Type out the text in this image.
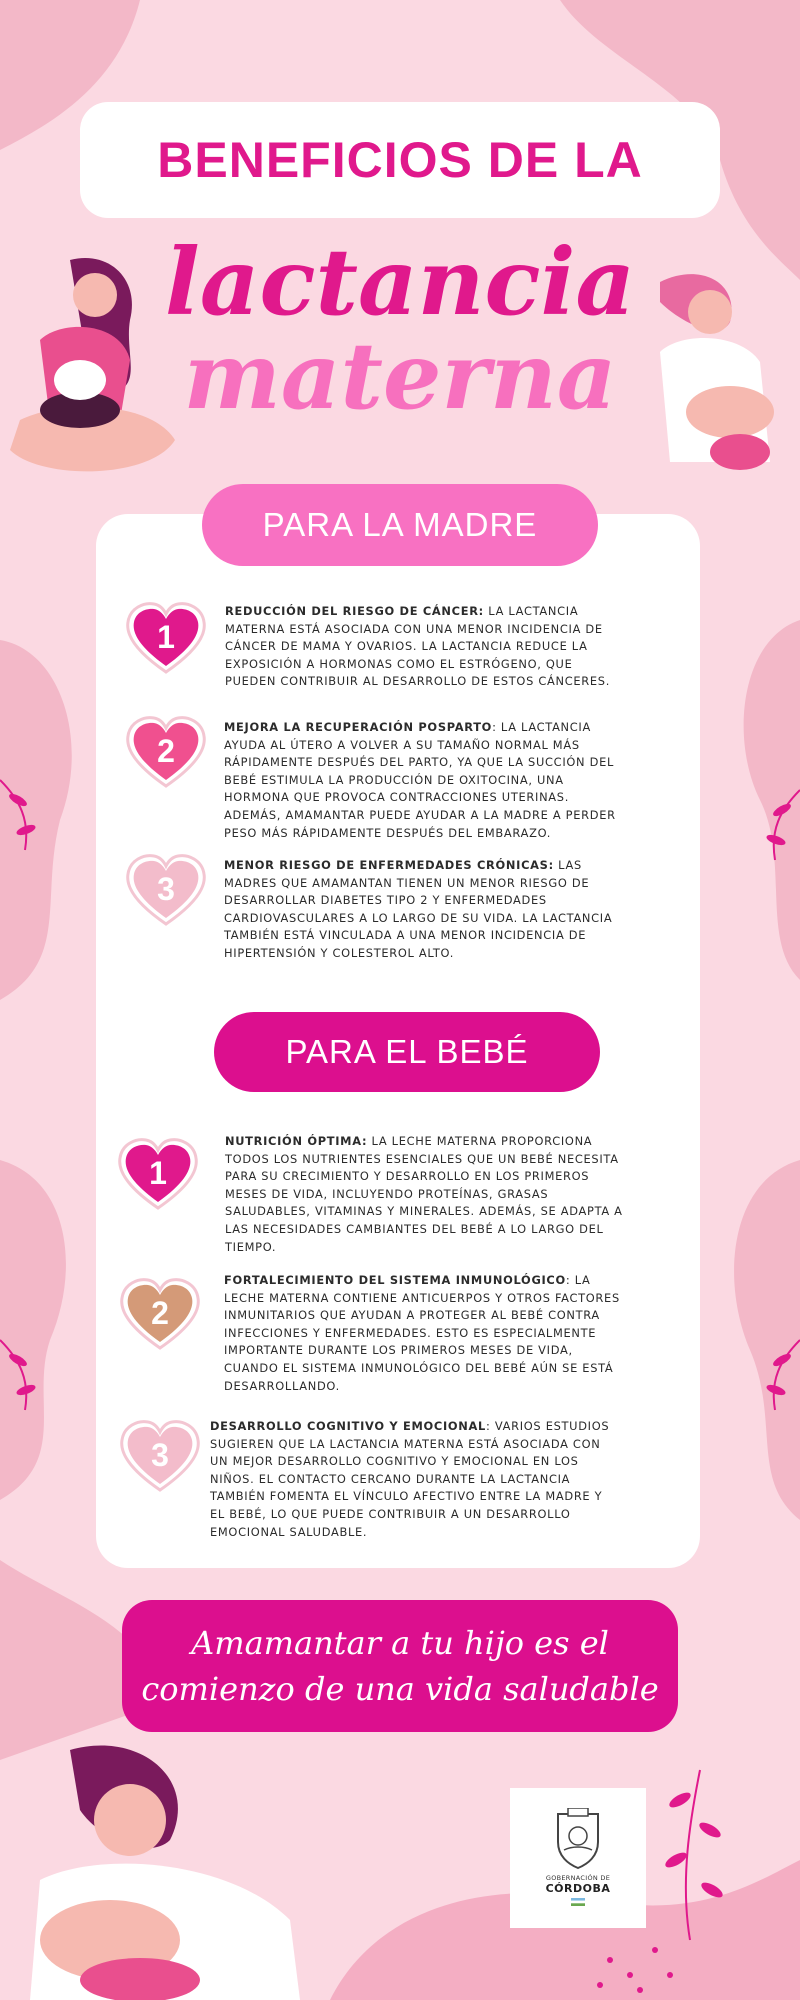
BENEFICIOS DE LA
lactancia
materna
PARA LA MADRE
PARA EL BEBÉ
1
REDUCCIÓN DEL RIESGO DE CÁNCER: LA LACTANCIA MATERNA ESTÁ ASOCIADA CON UNA MENOR INCIDENCIA DE CÁNCER DE MAMA Y OVARIOS. LA LACTANCIA REDUCE LA EXPOSICIÓN A HORMONAS COMO EL ESTRÓGENO, QUE PUEDEN CONTRIBUIR AL DESARROLLO DE ESTOS CÁNCERES.
2
MEJORA LA RECUPERACIÓN POSPARTO: LA LACTANCIA AYUDA AL ÚTERO A VOLVER A SU TAMAÑO NORMAL MÁS RÁPIDAMENTE DESPUÉS DEL PARTO, YA QUE LA SUCCIÓN DEL BEBÉ ESTIMULA LA PRODUCCIÓN DE OXITOCINA, UNA HORMONA QUE PROVOCA CONTRACCIONES UTERINAS. ADEMÁS, AMAMANTAR PUEDE AYUDAR A LA MADRE A PERDER PESO MÁS RÁPIDAMENTE DESPUÉS DEL EMBARAZO.
3
MENOR RIESGO DE ENFERMEDADES CRÓNICAS: LAS MADRES QUE AMAMANTAN TIENEN UN MENOR RIESGO DE DESARROLLAR DIABETES TIPO 2 Y ENFERMEDADES CARDIOVASCULARES A LO LARGO DE SU VIDA. LA LACTANCIA TAMBIÉN ESTÁ VINCULADA A UNA MENOR INCIDENCIA DE HIPERTENSIÓN Y COLESTEROL ALTO.
1
NUTRICIÓN ÓPTIMA: LA LECHE MATERNA PROPORCIONA TODOS LOS NUTRIENTES ESENCIALES QUE UN BEBÉ NECESITA PARA SU CRECIMIENTO Y DESARROLLO EN LOS PRIMEROS MESES DE VIDA, INCLUYENDO PROTEÍNAS, GRASAS SALUDABLES, VITAMINAS Y MINERALES. ADEMÁS, SE ADAPTA A LAS NECESIDADES CAMBIANTES DEL BEBÉ A LO LARGO DEL TIEMPO.
2
FORTALECIMIENTO DEL SISTEMA INMUNOLÓGICO: LA LECHE MATERNA CONTIENE ANTICUERPOS Y OTROS FACTORES INMUNITARIOS QUE AYUDAN A PROTEGER AL BEBÉ CONTRA INFECCIONES Y ENFERMEDADES. ESTO ES ESPECIALMENTE IMPORTANTE DURANTE LOS PRIMEROS MESES DE VIDA, CUANDO EL SISTEMA INMUNOLÓGICO DEL BEBÉ AÚN SE ESTÁ DESARROLLANDO.
3
DESARROLLO COGNITIVO Y EMOCIONAL: VARIOS ESTUDIOS SUGIEREN QUE LA LACTANCIA MATERNA ESTÁ ASOCIADA CON UN MEJOR DESARROLLO COGNITIVO Y EMOCIONAL EN LOS NIÑOS. EL CONTACTO CERCANO DURANTE LA LACTANCIA TAMBIÉN FOMENTA EL VÍNCULO AFECTIVO ENTRE LA MADRE Y EL BEBÉ, LO QUE PUEDE CONTRIBUIR A UN DESARROLLO EMOCIONAL SALUDABLE.
Amamantar a tu hijo es el
comienzo de una vida saludable
GOBERNACIÓN DE
CÓRDOBA
